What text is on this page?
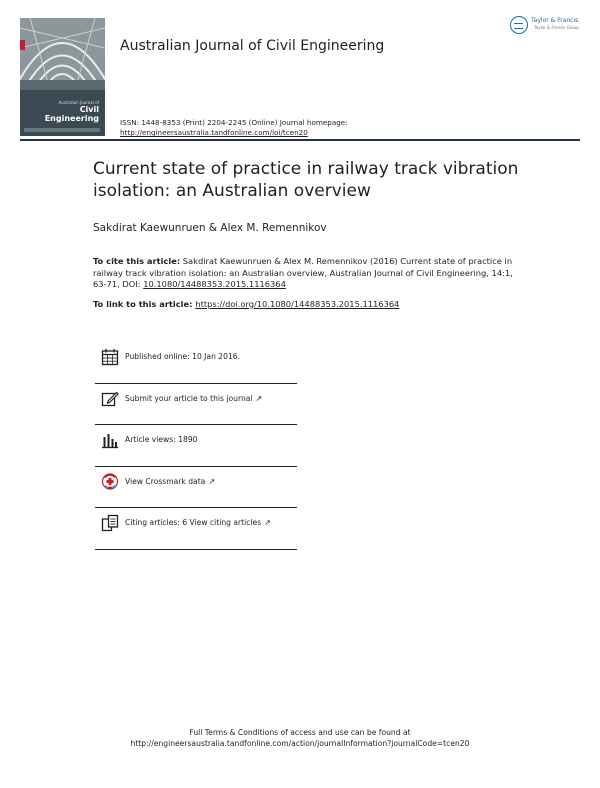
Australian Journal of
Civil
Engineering
Australian Journal of Civil Engineering
Taylor & Francis
Taylor & Francis Group
ISSN: 1448-8353 (Print) 2204-2245 (Online) Journal homepage: http://engineersaustralia.tandfonline.com/loi/tcen20
Current state of practice in railway track vibration isolation: an Australian overview
Sakdirat Kaewunruen & Alex M. Remennikov
To cite this article: Sakdirat Kaewunruen & Alex M. Remennikov (2016) Current state of practice in railway track vibration isolation: an Australian overview, Australian Journal of Civil Engineering, 14:1, 63-71, DOI: 10.1080/14488353.2015.1116364
To link to this article: https://doi.org/10.1080/14488353.2015.1116364
Published online: 10 Jan 2016.
Submit your article to this journal ↗
Article views: 1890
View Crossmark data ↗
Citing articles: 6 View citing articles ↗
Full Terms & Conditions of access and use can be found at
http://engineersaustralia.tandfonline.com/action/journalInformation?journalCode=tcen20
